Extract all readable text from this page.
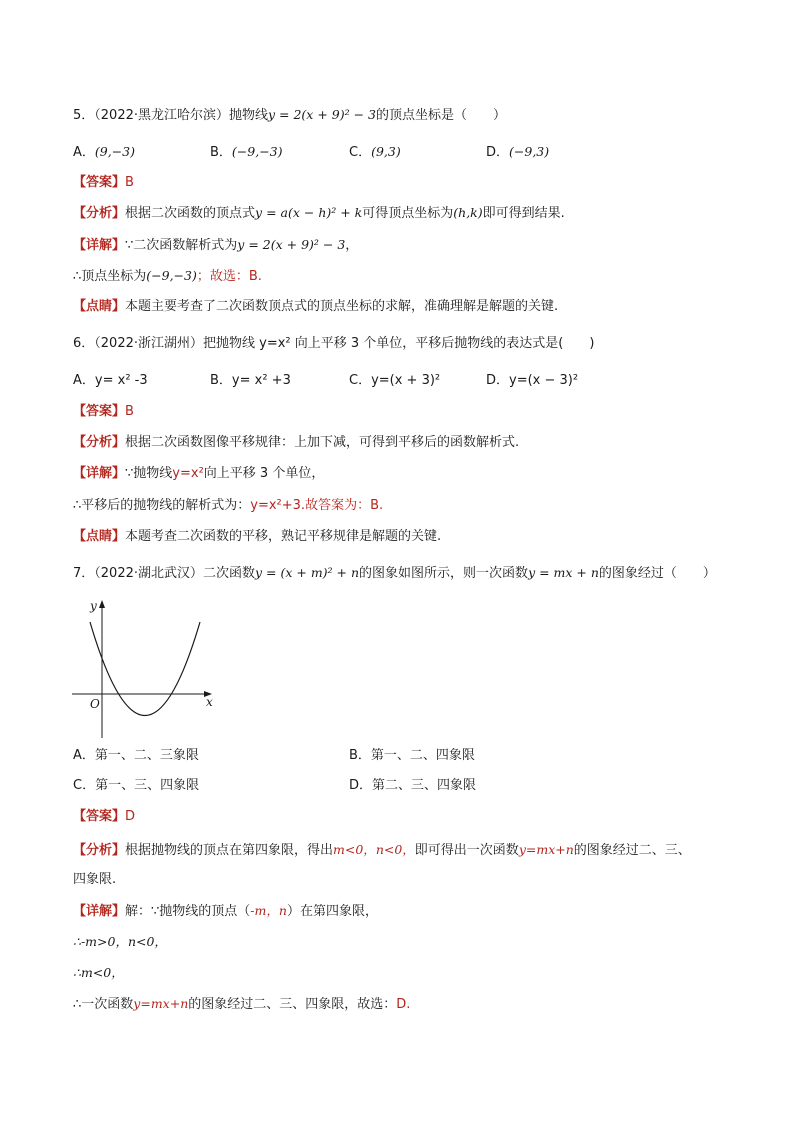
5．（2022·黑龙江哈尔滨）抛物线y = 2(x + 9)² − 3的顶点坐标是（　　）
A．(9,−3)	B．(−9,−3)	C．(9,3)	D．(−9,3)
【答案】B
【分析】根据二次函数的顶点式y = a(x − h)² + k可得顶点坐标为(h,k)即可得到结果.
【详解】∵二次函数解析式为y = 2(x + 9)² − 3，
∴顶点坐标为(−9,−3)；故选：B.
【点睛】本题主要考查了二次函数顶点式的顶点坐标的求解，准确理解是解题的关键.
6．（2022·浙江湖州）把抛物线 y=x² 向上平移 3 个单位，平移后抛物线的表达式是(　　)
A．y= x² -3	B．y= x² +3	C．y=(x + 3)²	D．y=(x − 3)²
【答案】B
【分析】根据二次函数图像平移规律：上加下减，可得到平移后的函数解析式.
【详解】∵抛物线y=x²向上平移 3 个单位，
∴平移后的抛物线的解析式为：y=x²+3.故答案为：B.
【点睛】本题考查二次函数的平移，熟记平移规律是解题的关键.
7．（2022·湖北武汉）二次函数y = (x + m)² + n的图象如图所示，则一次函数y = mx + n的图象经过（　　）
y
x
O
A．第一、二、三象限	B．第一、二、四象限
C．第一、三、四象限	D．第二、三、四象限
【答案】D
【分析】根据抛物线的顶点在第四象限，得出m<0，n<0，即可得出一次函数y=mx+n的图象经过二、三、
四象限.
【详解】解：∵抛物线的顶点（-m，n）在第四象限，
∴-m>0，n<0，
∴m<0，
∴一次函数y=mx+n的图象经过二、三、四象限，故选：D.
